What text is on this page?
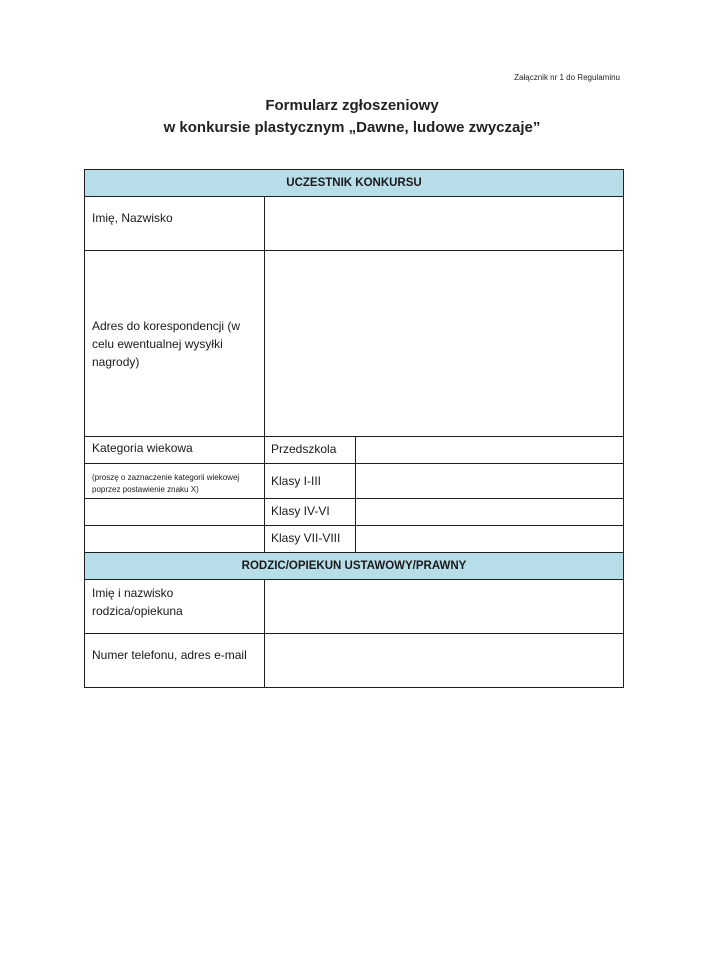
Załącznik nr 1 do Regulaminu
Formularz zgłoszeniowy
w konkursie plastycznym „Dawne, ludowe zwyczaje”
UCZESTNIK KONKURSU		
Imię, Nazwisko		
Adres do korespondencji (w celu ewentualnej wysyłki nagrody)		
Kategoria wiekowa	Przedszkola	
(proszę o zaznaczenie kategorii wiekowej poprzez postawienie znaku X)	Klasy I-III	
	Klasy IV-VI	
	Klasy VII-VIII	
RODZIC/OPIEKUN USTAWOWY/PRAWNY		
Imię i nazwisko rodzica/opiekuna		
Numer telefonu, adres e-mail		
